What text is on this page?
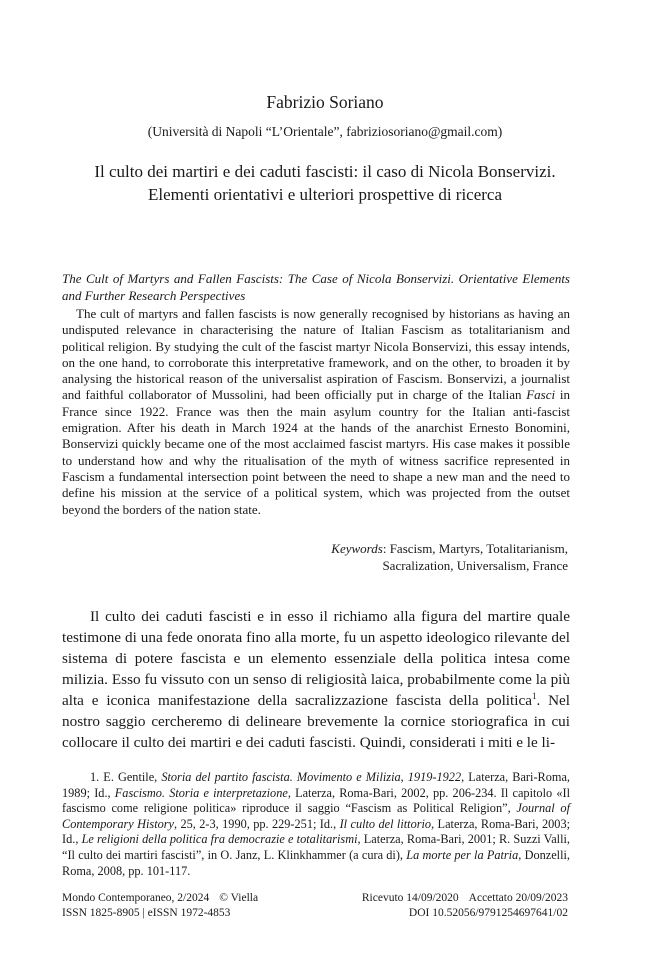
Fabrizio Soriano
(Università di Napoli “L’Orientale”, fabriziosoriano@gmail.com)
Il culto dei martiri e dei caduti fascisti: il caso di Nicola Bonservizi.
Elementi orientativi e ulteriori prospettive di ricerca
The Cult of Martyrs and Fallen Fascists: The Case of Nicola Bonservizi. Orientative Elements and Further Research Perspectives

The cult of martyrs and fallen fascists is now generally recognised by historians as having an undisputed relevance in characterising the nature of Italian Fascism as totalitarianism and political religion. By studying the cult of the fascist martyr Nicola Bonservizi, this essay intends, on the one hand, to corroborate this interpretative framework, and on the other, to broaden it by analysing the historical reason of the universalist aspiration of Fascism. Bonservizi, a journalist and faithful collaborator of Mussolini, had been officially put in charge of the Italian Fasci in France since 1922. France was then the main asylum country for the Italian anti-fascist emigration. After his death in March 1924 at the hands of the anarchist Ernesto Bonomini, Bonservizi quickly became one of the most acclaimed fascist martyrs. His case makes it possible to understand how and why the ritualisation of the myth of witness sacrifice represented in Fascism a fundamental intersection point between the need to shape a new man and the need to define his mission at the service of a political system, which was projected from the outset beyond the borders of the nation state.

Keywords: Fascism, Martyrs, Totalitarianism,
Sacralization, Universalism, France

Il culto dei caduti fascisti e in esso il richiamo alla figura del martire quale testimone di una fede onorata fino alla morte, fu un aspetto ideologico rilevante del sistema di potere fascista e un elemento essenziale della politica intesa come milizia. Esso fu vissuto con un senso di religiosità laica, probabilmente come la più alta e iconica manifestazione della sacralizzazione fascista della politica$^1$. Nel nostro saggio cercheremo di delineare brevemente la cornice storiografica in cui collocare il culto dei martiri e dei caduti fascisti. Quindi, considerati i miti e le li-

1. E. Gentile, Storia del partito fascista. Movimento e Milizia, 1919-1922, Laterza, Bari-Roma, 1989; Id., Fascismo. Storia e interpretazione, Laterza, Roma-Bari, 2002, pp. 206-234. Il capitolo «Il fascismo come religione politica» riproduce il saggio “Fascism as Political Religion”, Journal of Contemporary History, 25, 2-3, 1990, pp. 229-251; Id., Il culto del littorio, Laterza, Roma-Bari, 2003; Id., Le religioni della politica fra democrazie e totalitarismi, Laterza, Roma-Bari, 2001; R. Suzzi Valli, “Il culto dei martiri fascisti”, in O. Janz, L. Klinkhammer (a cura di), La morte per la Patria, Donzelli, Roma, 2008, pp. 101-117.

Mondo Contemporaneo, 2/2024 © Viella
ISSN 1825-8905 | eISSN 1972-4853
Ricevuto 14/09/2020 Accettato 20/09/2023
DOI 10.52056/9791254697641/02
